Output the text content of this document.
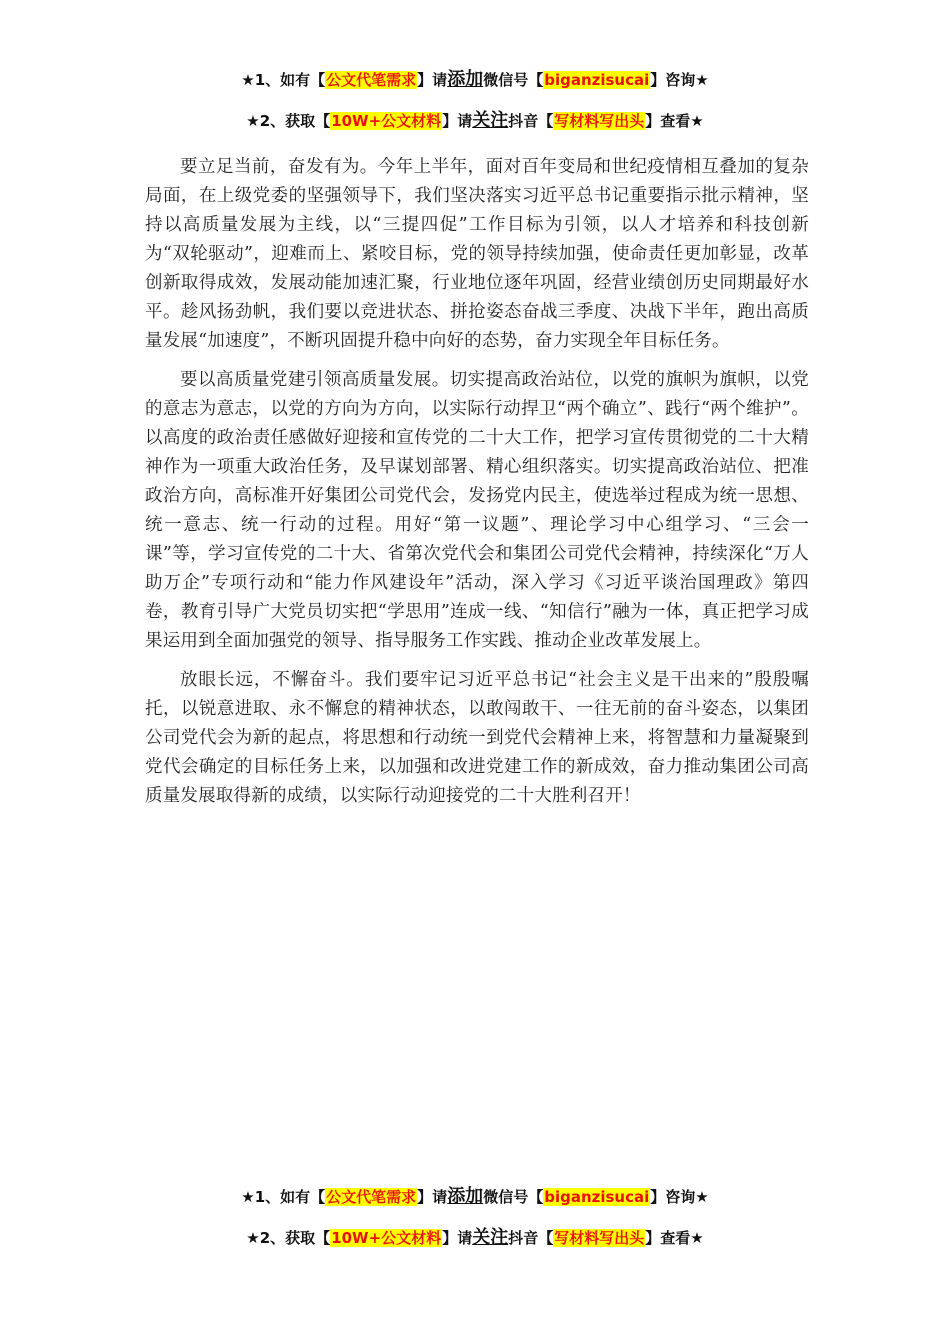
★1、如有【公文代笔需求】请添加微信号【biganzisucai】咨询★
★2、获取【10W+公文材料】请关注抖音【写材料写出头】查看★

要立足当前，奋发有为。今年上半年，面对百年变局和世纪疫情相互叠加的复杂局面，在上级党委的坚强领导下，我们坚决落实习近平总书记重要指示批示精神，坚持以高质量发展为主线，以“三提四促”工作目标为引领，以人才培养和科技创新为“双轮驱动”，迎难而上、紧咬目标，党的领导持续加强，使命责任更加彰显，改革创新取得成效，发展动能加速汇聚，行业地位逐年巩固，经营业绩创历史同期最好水平。趁风扬劲帆，我们要以竞进状态、拼抢姿态奋战三季度、决战下半年，跑出高质量发展“加速度”，不断巩固提升稳中向好的态势，奋力实现全年目标任务。

要以高质量党建引领高质量发展。切实提高政治站位，以党的旗帜为旗帜，以党的意志为意志，以党的方向为方向，以实际行动捍卫“两个确立”、践行“两个维护”。以高度的政治责任感做好迎接和宣传党的二十大工作，把学习宣传贯彻党的二十大精神作为一项重大政治任务，及早谋划部署、精心组织落实。切实提高政治站位、把准政治方向，高标准开好集团公司党代会，发扬党内民主，使选举过程成为统一思想、统一意志、统一行动的过程。用好“第一议题”、理论学习中心组学习、“三会一课”等，学习宣传党的二十大、省第次党代会和集团公司党代会精神，持续深化“万人助万企”专项行动和“能力作风建设年”活动，深入学习《习近平谈治国理政》第四卷，教育引导广大党员切实把“学思用”连成一线、“知信行”融为一体，真正把学习成果运用到全面加强党的领导、指导服务工作实践、推动企业改革发展上。

放眼长远，不懈奋斗。我们要牢记习近平总书记“社会主义是干出来的”殷殷嘱托，以锐意进取、永不懈怠的精神状态，以敢闯敢干、一往无前的奋斗姿态，以集团公司党代会为新的起点，将思想和行动统一到党代会精神上来，将智慧和力量凝聚到党代会确定的目标任务上来，以加强和改进党建工作的新成效，奋力推动集团公司高质量发展取得新的成绩，以实际行动迎接党的二十大胜利召开！

★1、如有【公文代笔需求】请添加微信号【biganzisucai】咨询★
★2、获取【10W+公文材料】请关注抖音【写材料写出头】查看★
